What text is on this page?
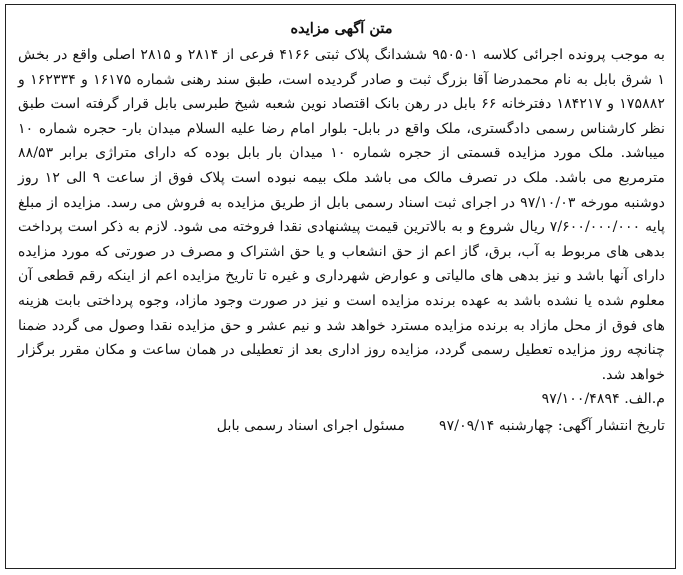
متن آگهی مزایده

به موجب پرونده اجرائی کلاسه ۹۵۰۵۰۱ ششدانگ پلاک ثبتی ۴۱۶۶ فرعی از ۲۸۱۴ و ۲۸۱۵ اصلی واقع در بخش ۱ شرق بابل به نام محمدرضا آقا بزرگ ثبت و صادر گردیده است، طبق سند رهنی شماره ۱۶۱۷۵ و ۱۶۲۳۳۴ و ۱۷۵۸۸۲ و ۱۸۴۲۱۷ دفترخانه ۶۶ بابل در رهن بانک اقتصاد نوین شعبه شیخ طبرسی بابل قرار گرفته است طبق نظر کارشناس رسمی دادگستری، ملک واقع در بابل- بلوار امام رضا علیه السلام میدان بار- حجره شماره ۱۰ میباشد. ملک مورد مزایده قسمتی از حجره شماره ۱۰ میدان بار بابل بوده که دارای متراژی برابر ۸۸/۵۳ مترمربع می باشد. ملک در تصرف مالک می باشد ملک بیمه نبوده است پلاک فوق از ساعت ۹ الی ۱۲ روز دوشنبه مورخه ۹۷/۱۰/۰۳ در اجرای ثبت اسناد رسمی بابل از طریق مزایده به فروش می رسد. مزایده از مبلغ پایه ۷/۶۰۰/۰۰۰/۰۰۰ ریال شروع و به بالاترین قیمت پیشنهادی نقدا فروخته می شود. لازم به ذکر است پرداخت بدهی های مربوط به آب، برق، گاز اعم از حق انشعاب و یا حق اشتراک و مصرف در صورتی که مورد مزایده دارای آنها باشد و نیز بدهی های مالیاتی و عوارض شهرداری و غیره تا تاریخ مزایده اعم از اینکه رقم قطعی آن معلوم شده یا نشده باشد به عهده برنده مزایده است و نیز در صورت وجود مازاد، وجوه پرداختی بابت هزینه های فوق از محل مازاد به برنده مزایده مسترد خواهد شد و نیم عشر و حق مزایده نقدا وصول می گردد ضمنا چنانچه روز مزایده تعطیل رسمی گردد، مزایده روز اداری بعد از تعطیلی در همان ساعت و مکان مقرر برگزار خواهد شد.

م.الف. ۹۷/۱۰۰/۴۸۹۴
تاریخ انتشار آگهی: چهارشنبه ۹۷/۰۹/۱۴
مسئول اجرای اسناد رسمی بابل
